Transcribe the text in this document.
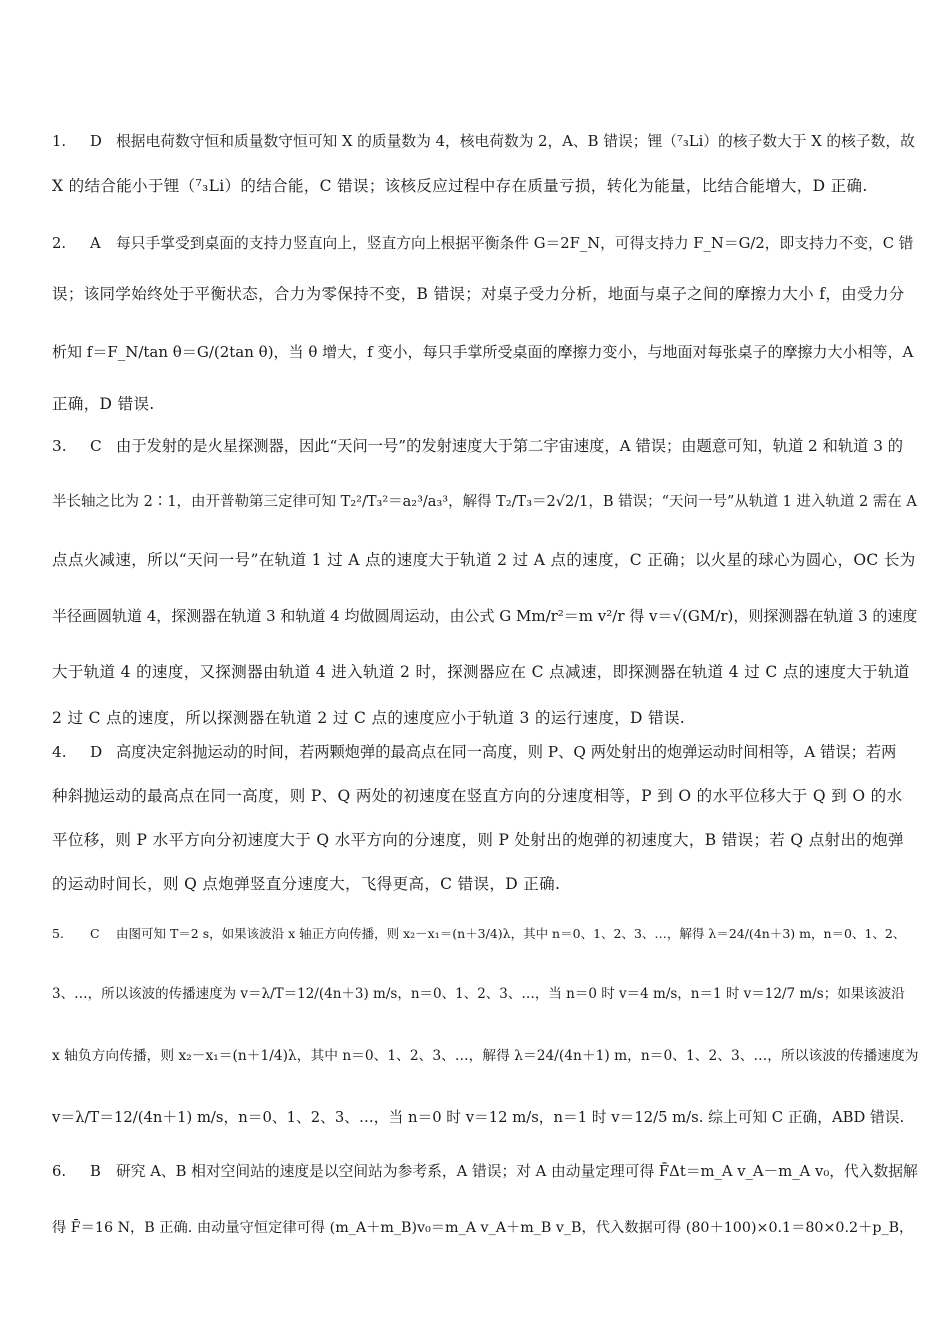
1. D 根据电荷数守恒和质量数守恒可知 X 的质量数为 4，核电荷数为 2，A、B 错误；锂（⁷₃Li）的核子数大于 X 的核子数，故
X 的结合能小于锂（⁷₃Li）的结合能，C 错误；该核反应过程中存在质量亏损，转化为能量，比结合能增大，D 正确.
2. A 每只手掌受到桌面的支持力竖直向上，竖直方向上根据平衡条件 G＝2F_N，可得支持力 F_N＝G/2，即支持力不变，C 错
误；该同学始终处于平衡状态，合力为零保持不变，B 错误；对桌子受力分析，地面与桌子之间的摩擦力大小 f，由受力分
析知 f＝F_N/tan θ＝G/(2tan θ)，当 θ 增大，f 变小，每只手掌所受桌面的摩擦力变小，与地面对每张桌子的摩擦力大小相等，A
正确，D 错误.
3. C 由于发射的是火星探测器，因此“天问一号”的发射速度大于第二宇宙速度，A 错误；由题意可知，轨道 2 和轨道 3 的
半长轴之比为 2∶1，由开普勒第三定律可知 T₂²/T₃²＝a₂³/a₃³，解得 T₂/T₃＝2√2/1，B 错误；“天问一号”从轨道 1 进入轨道 2 需在 A
点点火减速，所以“天问一号”在轨道 1 过 A 点的速度大于轨道 2 过 A 点的速度，C 正确；以火星的球心为圆心，OC 长为
半径画圆轨道 4，探测器在轨道 3 和轨道 4 均做圆周运动，由公式 G Mm/r²＝m v²/r 得 v＝√(GM/r)，则探测器在轨道 3 的速度
大于轨道 4 的速度，又探测器由轨道 4 进入轨道 2 时，探测器应在 C 点减速，即探测器在轨道 4 过 C 点的速度大于轨道
2 过 C 点的速度，所以探测器在轨道 2 过 C 点的速度应小于轨道 3 的运行速度，D 错误.
4. D 高度决定斜抛运动的时间，若两颗炮弹的最高点在同一高度，则 P、Q 两处射出的炮弹运动时间相等，A 错误；若两
种斜抛运动的最高点在同一高度，则 P、Q 两处的初速度在竖直方向的分速度相等，P 到 O 的水平位移大于 Q 到 O 的水
平位移，则 P 水平方向分初速度大于 Q 水平方向的分速度，则 P 处射出的炮弹的初速度大，B 错误；若 Q 点射出的炮弹
的运动时间长，则 Q 点炮弹竖直分速度大，飞得更高，C 错误，D 正确.
5. C 由图可知 T＝2 s，如果该波沿 x 轴正方向传播，则 x₂－x₁＝(n＋3/4)λ，其中 n＝0、1、2、3、…，解得 λ＝24/(4n＋3) m，n＝0、1、2、
3、…，所以该波的传播速度为 v＝λ/T＝12/(4n＋3) m/s，n＝0、1、2、3、…，当 n＝0 时 v＝4 m/s，n＝1 时 v＝12/7 m/s；如果该波沿
x 轴负方向传播，则 x₂－x₁＝(n＋1/4)λ，其中 n＝0、1、2、3、…，解得 λ＝24/(4n＋1) m，n＝0、1、2、3、…，所以该波的传播速度为
v＝λ/T＝12/(4n＋1) m/s，n＝0、1、2、3、…，当 n＝0 时 v＝12 m/s，n＝1 时 v＝12/5 m/s. 综上可知 C 正确，ABD 错误.
6. B 研究 A、B 相对空间站的速度是以空间站为参考系，A 错误；对 A 由动量定理可得 F̄Δt＝m_A v_A－m_A v₀，代入数据解
得 F̄＝16 N，B 正确. 由动量守恒定律可得 (m_A＋m_B)v₀＝m_A v_A＋m_B v_B，代入数据可得 (80＋100)×0.1＝80×0.2＋p_B，
